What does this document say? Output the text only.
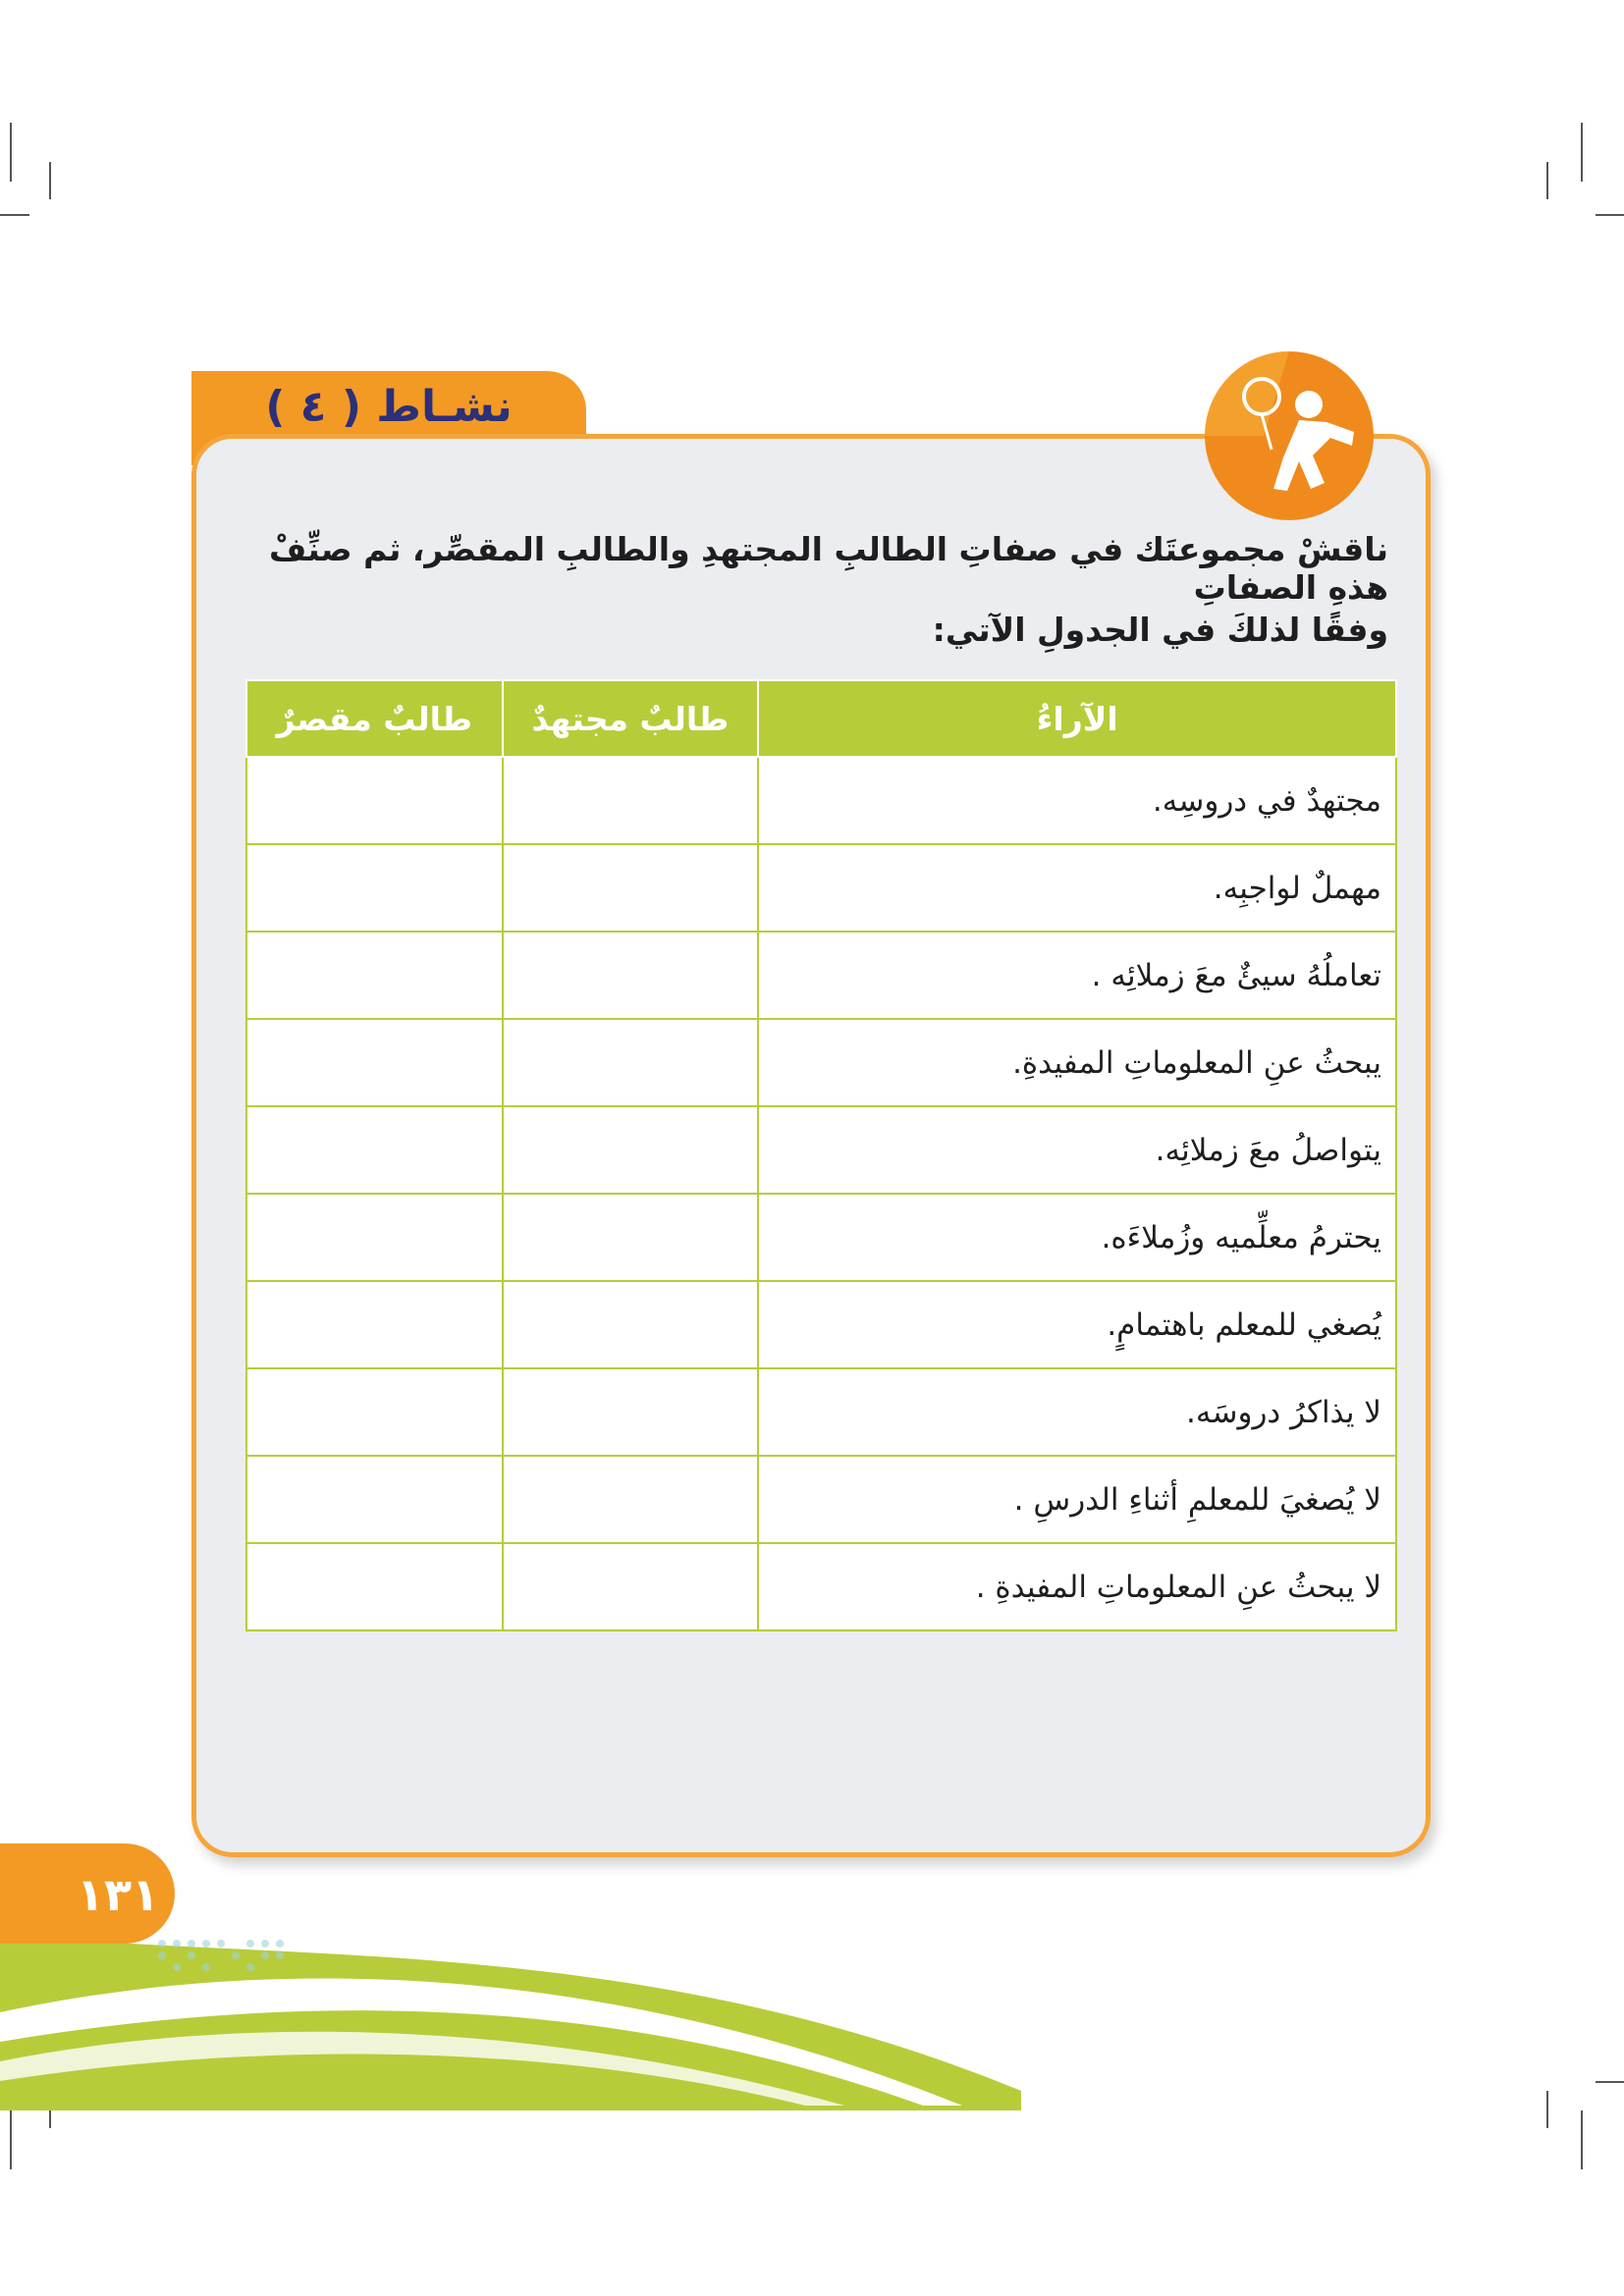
نشـاط ( ٤ )
ناقشْ مجموعتَك في صفاتِ الطالبِ المجتهدِ والطالبِ المقصِّر، ثم صنِّفْ هذهِ الصفاتِ
وفقًا لذلكَ في الجدولِ الآتي:
الآراءُ	طالبٌ مجتهدٌ	طالبٌ مقصرٌ
مجتهدٌ في دروسِه.		
مهملٌ لواجبِه.		
تعاملُهُ سيئٌ معَ زملائِه .		
يبحثُ عنِ المعلوماتِ المفيدةِ.		
يتواصلُ معَ زملائِه.		
يحترمُ معلِّميه وزُملاءَه.		
يُصغي للمعلم باهتمامٍ.		
لا يذاكرُ دروسَه.		
لا يُصغيَ للمعلمِ أثناءِ الدرسِ .		
لا يبحثُ عنِ المعلوماتِ المفيدةِ .		
١٣١
